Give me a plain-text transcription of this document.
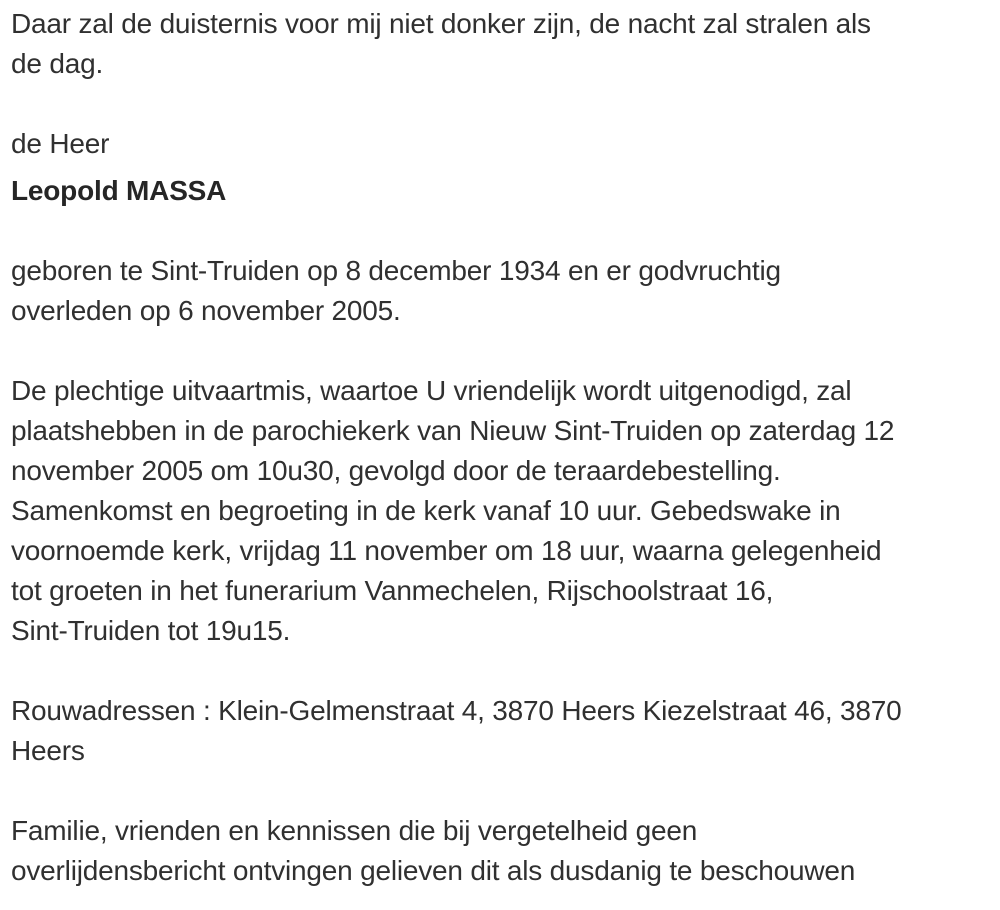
Daar zal de duisternis voor mij niet donker zijn, de nacht zal stralen als
de dag.

de Heer

Leopold MASSA

geboren te Sint-Truiden op 8 december 1934 en er godvruchtig
overleden op 6 november 2005.

De plechtige uitvaartmis, waartoe U vriendelijk wordt uitgenodigd, zal
plaatshebben in de parochiekerk van Nieuw Sint-Truiden op zaterdag 12
november 2005 om 10u30, gevolgd door de teraardebestelling.
Samenkomst en begroeting in de kerk vanaf 10 uur. Gebedswake in
voornoemde kerk, vrijdag 11 november om 18 uur, waarna gelegenheid
tot groeten in het funerarium Vanmechelen, Rijschoolstraat 16,
Sint-Truiden tot 19u15.

Rouwadressen : Klein-Gelmenstraat 4, 3870 Heers Kiezelstraat 46, 3870
Heers

Familie, vrienden en kennissen die bij vergetelheid geen
overlijdensbericht ontvingen gelieven dit als dusdanig te beschouwen
